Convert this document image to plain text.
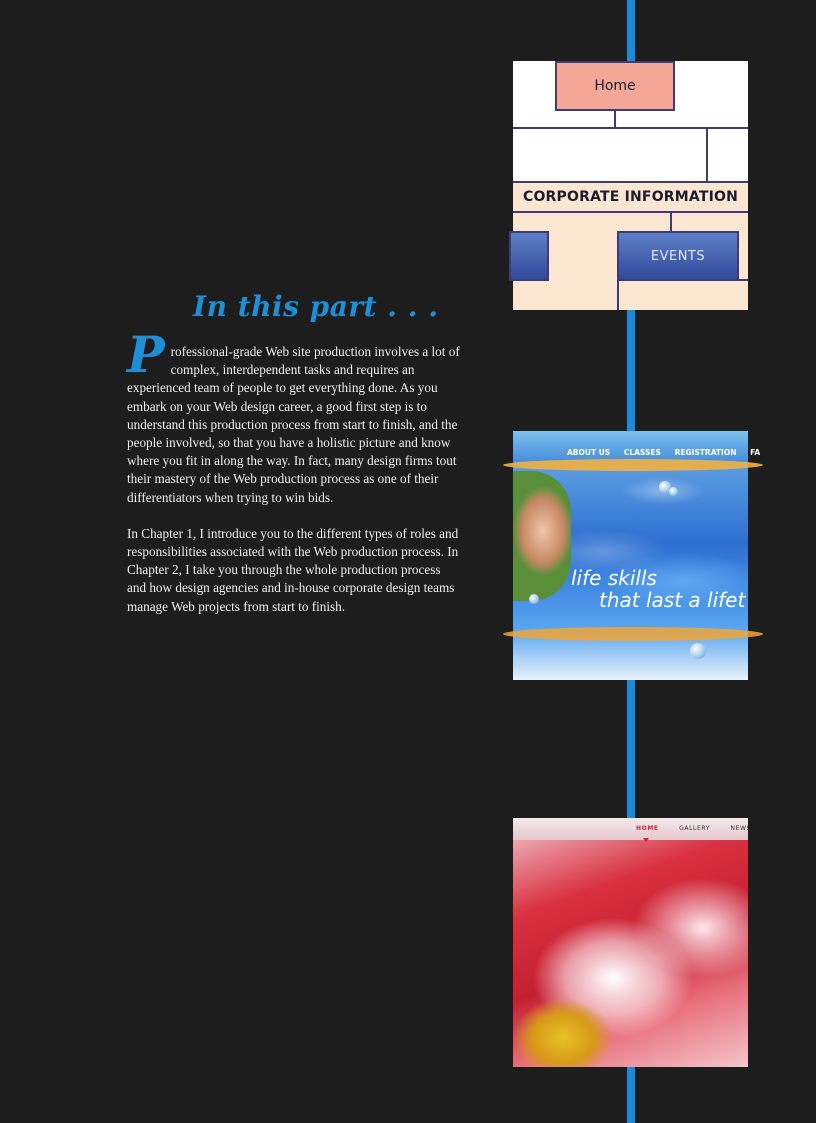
In this part . . .

Professional-grade Web site production involves a lot of complex, interdependent tasks and requires an experienced team of people to get everything done. As you embark on your Web design career, a good first step is to understand this production process from start to finish, and the people involved, so that you have a holistic picture and know where you fit in along the way. In fact, many design firms tout their mastery of the Web production process as one of their differentiators when trying to win bids.

In Chapter 1, I introduce you to the different types of roles and responsibilities associated with the Web production process. In Chapter 2, I take you through the whole production process and how design agencies and in-house corporate design teams manage Web projects from start to finish.

Home
CORPORATE INFORMATION
EVENTS
ABOUT US CLASSES REGISTRATION FA
life skills
that last a lifet
HOME	GALLERY	NEWS
